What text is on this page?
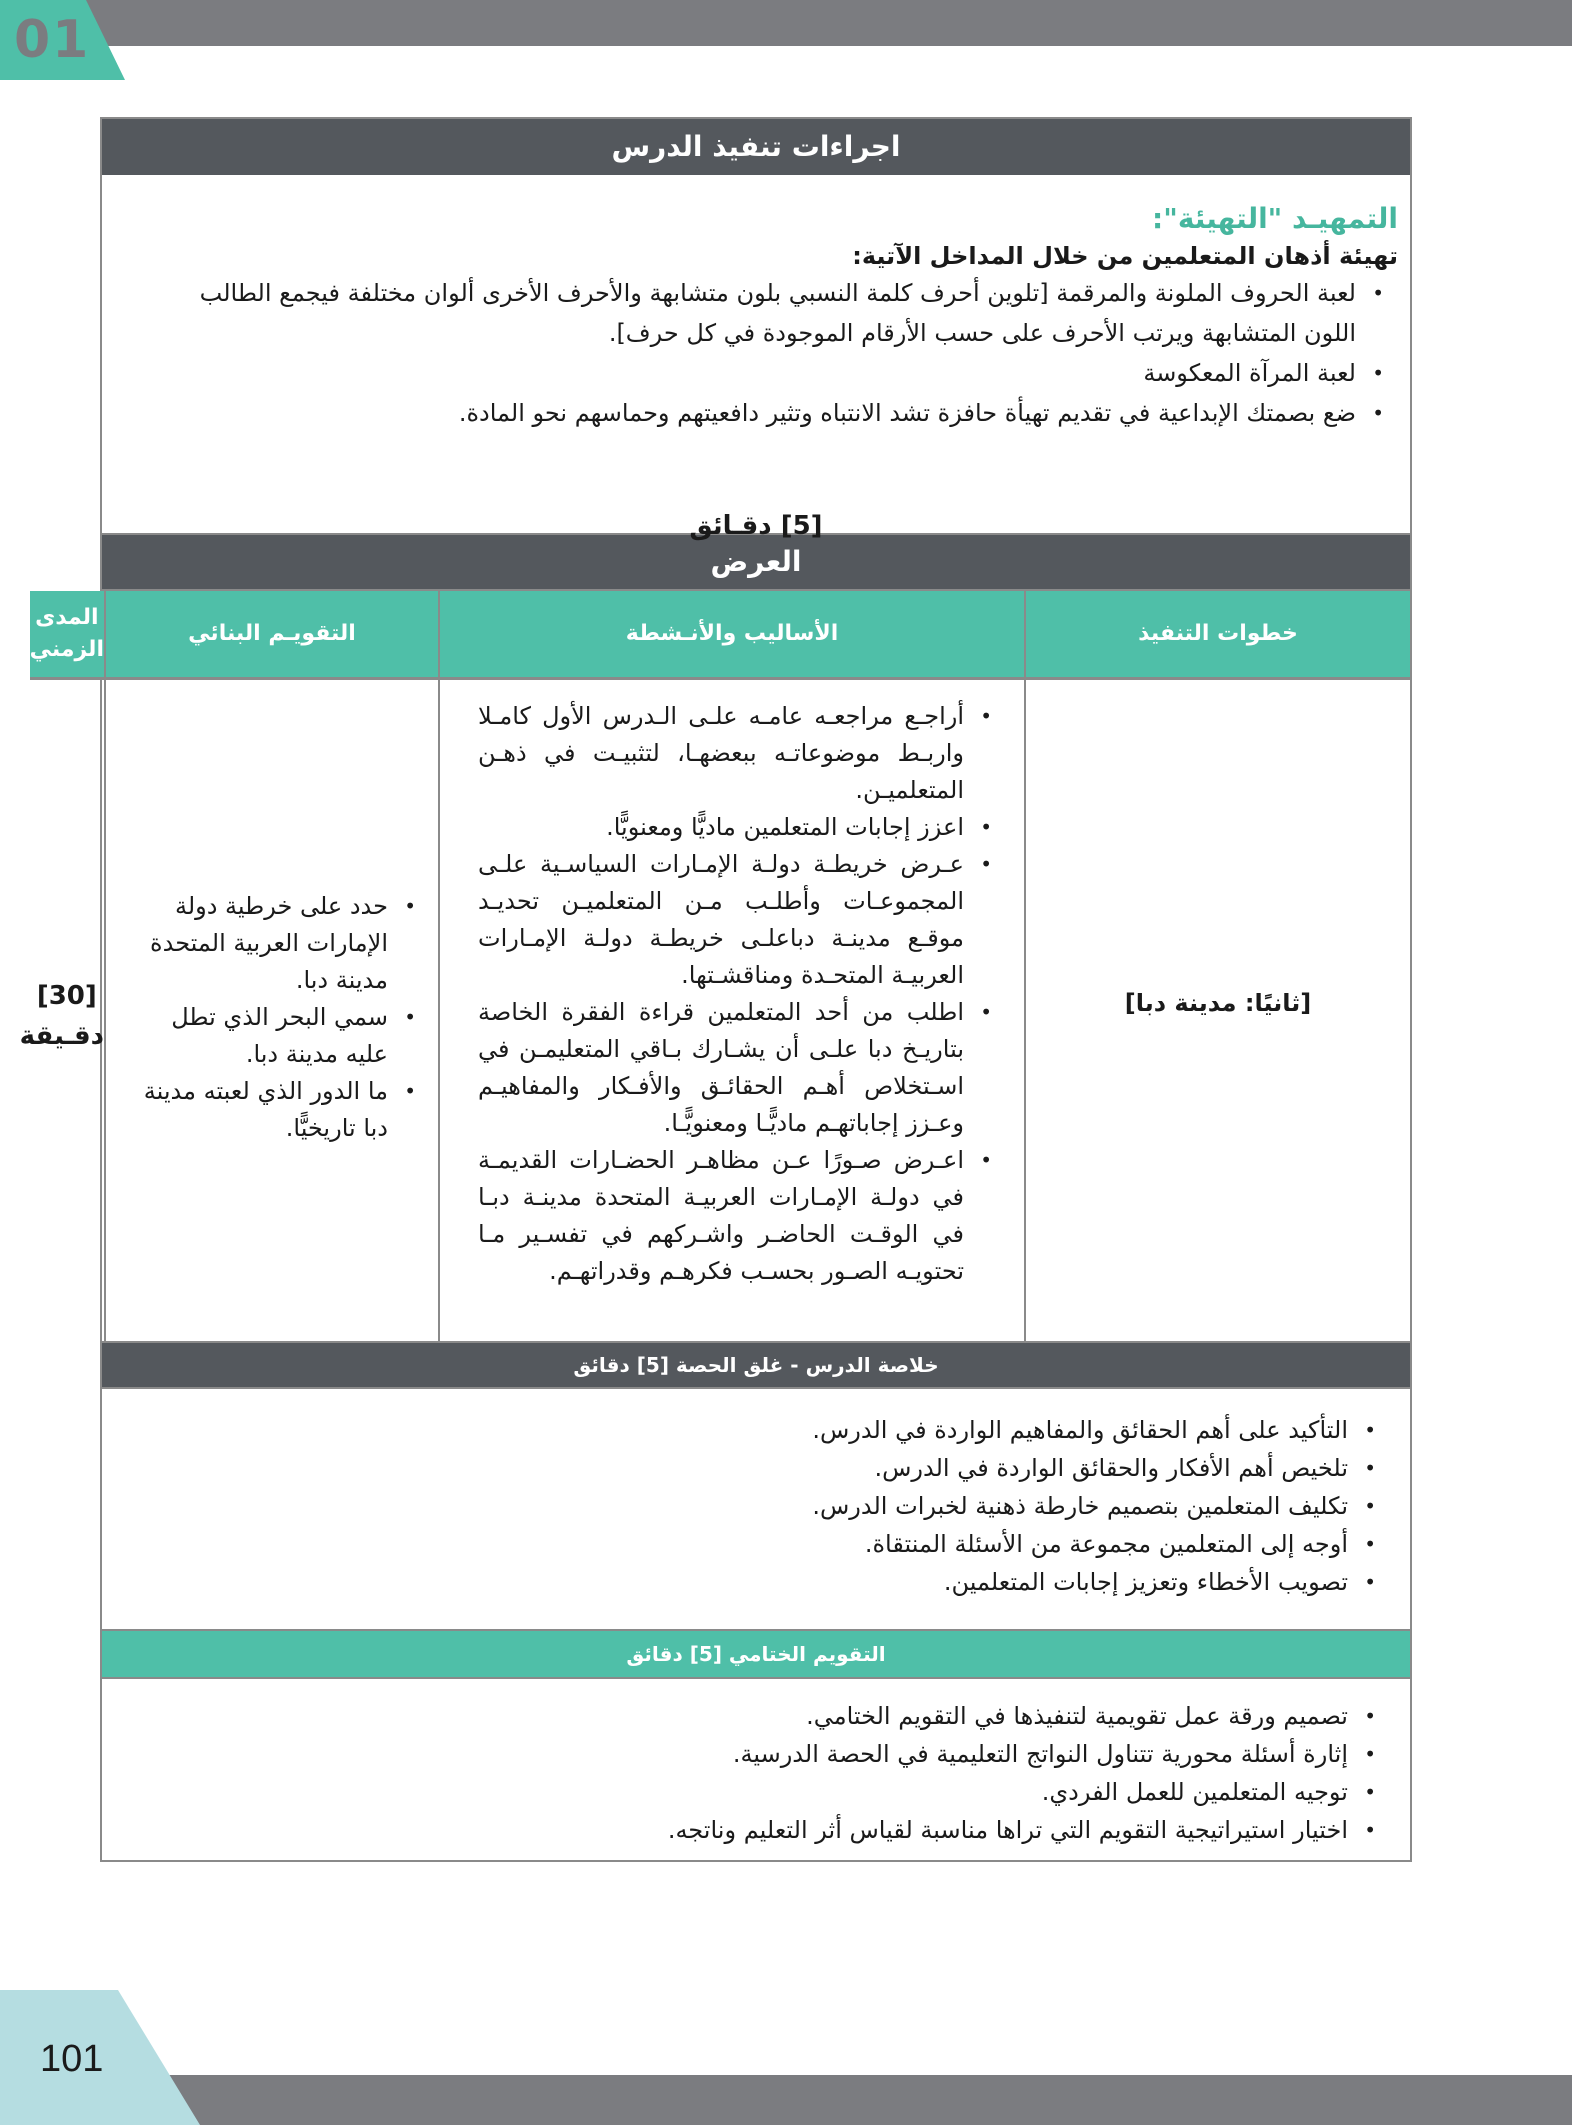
01
اجراءات تنفيذ الدرس
التمهيـد "التهيئة":
تهيئة أذهان المتعلمين من خلال المداخل الآتية:
• لعبة الحروف الملونة والمرقمة [تلوين أحرف كلمة النسبي بلون متشابهة والأحرف الأخرى ألوان مختلفة فيجمع الطالب اللون المتشابهة ويرتب الأحرف على حسب الأرقام الموجودة في كل حرف].
• لعبة المرآة المعكوسة
• ضع بصمتك الإبداعية في تقديم تهيأة حافزة تشد الانتباه وتثير دافعيتهم وحماسهم نحو المادة.
[5] دقـائق
العرض
خطوات التنفيذ
الأساليب والأنـشطة
التقويـم البنائي
المدى الزمني
[ثانيًا: مدينة دبا]
• أراجـع مراجعـه عامـه علـى الـدرس الأول كامـلا واربـط موضوعاتـه ببعضهـا، لتثبيـت في ذهـن المتعلميـن.
• اعزز إجابات المتعلمين ماديًّا ومعنويًّا.
• عـرض خريطـة دولـة الإمـارات السياسـية علـى المجموعـات وأطلـب مـن المتعلميـن تحديـد موقـع مدينـة دباعلـى خريطـة دولـة الإمـارات العربيـة المتحـدة ومناقشـتها.
• اطلب من أحد المتعلمين قراءة الفقرة الخاصة بتاريـخ دبا علـى أن يشـارك بـاقي المتعليمـن في اسـتخلاص أهـم الحقائـق والأفـكار والمفاهيـم وعـزز إجاباتهـم ماديًّـا ومعنويًّـا.
• اعـرض صـورًا عـن مظاهـر الحضـارات القديمـة في دولـة الإمـارات العربيـة المتحدة مدينـة دبـا في الوقـت الحاضـر واشـركهم في تفسـير مـا تحتويـه الصـور بحسـب فكرهـم وقدراتهـم.
• حدد على خرطية دولة الإمارات العربية المتحدة مدينة دبا.
• سمي البحر الذي تطل عليه مدينة دبا.
• ما الدور الذي لعبته مدينة دبا تاريخيًّا.
[30]
دقـيقة
خلاصة الدرس - غلق الحصة [5] دقائق
• التأكيد على أهم الحقائق والمفاهيم الواردة في الدرس.
• تلخيص أهم الأفكار والحقائق الواردة في الدرس.
• تكليف المتعلمين بتصميم خارطة ذهنية لخبرات الدرس.
• أوجه إلى المتعلمين مجموعة من الأسئلة المنتقاة.
• تصويب الأخطاء وتعزيز إجابات المتعلمين.
التقويم الختامي [5] دقائق
• تصميم ورقة عمل تقويمية لتنفيذها في التقويم الختامي.
• إثارة أسئلة محورية تتناول النواتج التعليمية في الحصة الدرسية.
• توجيه المتعلمين للعمل الفردي.
• اختيار استيراتيجية التقويم التي تراها مناسبة لقياس أثر التعليم وناتجه.
101
